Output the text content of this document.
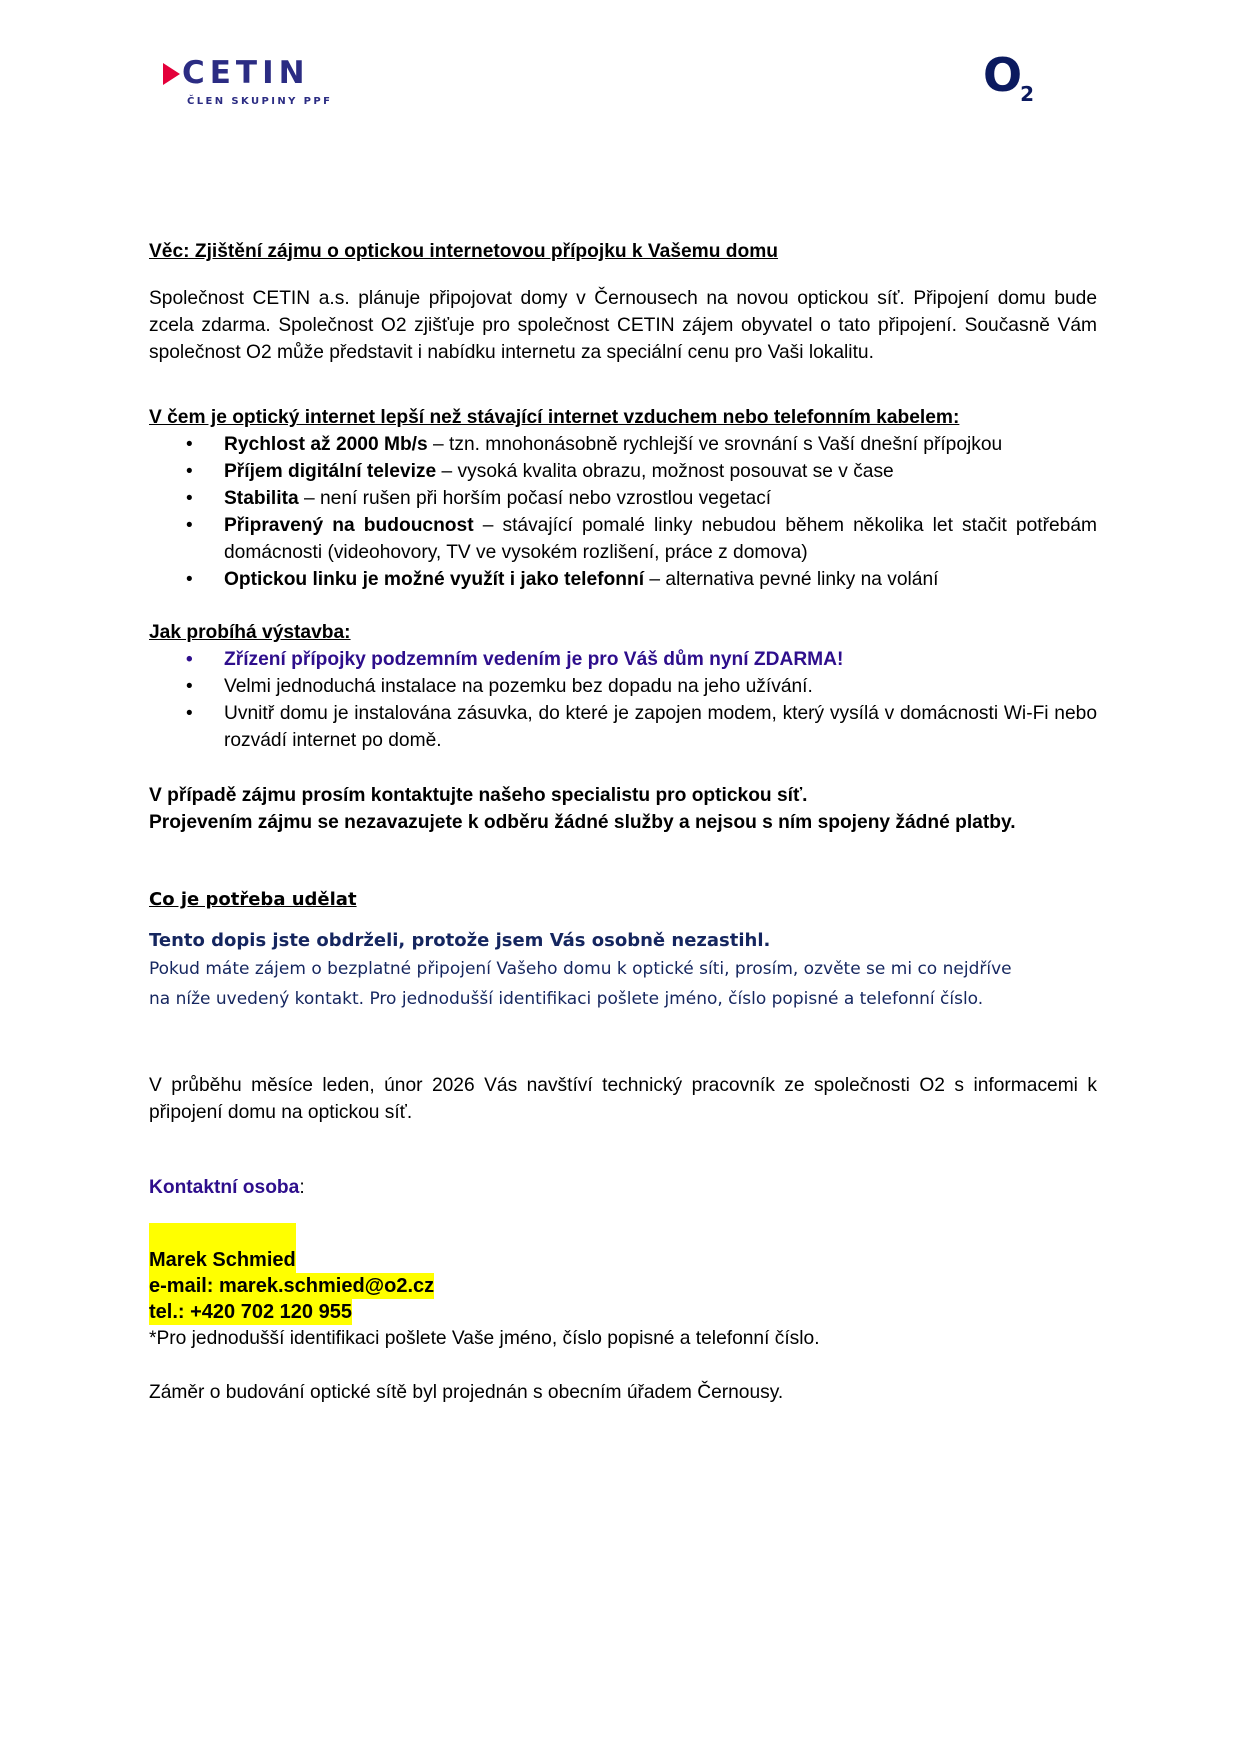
CETIN
ČLEN SKUPINY PPF	O2

Věc: Zjištění zájmu o optickou internetovou přípojku k Vašemu domu

Společnost CETIN a.s. plánuje připojovat domy v Černousech na novou optickou síť. Připojení domu bude zcela zdarma. Společnost O2 zjišťuje pro společnost CETIN zájem obyvatel o tato připojení. Současně Vám společnost O2 může představit i nabídku internetu za speciální cenu pro Vaši lokalitu.

V čem je optický internet lepší než stávající internet vzduchem nebo telefonním kabelem:

• Rychlost až 2000 Mb/s – tzn. mnohonásobně rychlejší ve srovnání s Vaší dnešní přípojkou
• Příjem digitální televize – vysoká kvalita obrazu, možnost posouvat se v čase
• Stabilita – není rušen při horším počasí nebo vzrostlou vegetací
• Připravený na budoucnost – stávající pomalé linky nebudou během několika let stačit potřebám domácnosti (videohovory, TV ve vysokém rozlišení, práce z domova)
• Optickou linku je možné využít i jako telefonní – alternativa pevné linky na volání

Jak probíhá výstavba:

• Zřízení přípojky podzemním vedením je pro Váš dům nyní ZDARMA!
• Velmi jednoduchá instalace na pozemku bez dopadu na jeho užívání.
• Uvnitř domu je instalována zásuvka, do které je zapojen modem, který vysílá v domácnosti Wi-Fi nebo rozvádí internet po domě.

V případě zájmu prosím kontaktujte našeho specialistu pro optickou síť.

Projevením zájmu se nezavazujete k odběru žádné služby a nejsou s ním spojeny žádné platby.

Co je potřeba udělat

Tento dopis jste obdrželi, protože jsem Vás osobně nezastihl.

Pokud máte zájem o bezplatné připojení Vašeho domu k optické síti, prosím, ozvěte se mi co nejdříve na níže uvedený kontakt. Pro jednodušší identifikaci pošlete jméno, číslo popisné a telefonní číslo.

V průběhu měsíce leden, únor 2026 Vás navštíví technický pracovník ze společnosti O2 s informacemi k připojení domu na optickou síť.

Kontaktní osoba:

Marek Schmied
e-mail: marek.schmied@o2.cz
tel.: +420 702 120 955

*Pro jednodušší identifikaci pošlete Vaše jméno, číslo popisné a telefonní číslo.

Záměr o budování optické sítě byl projednán s obecním úřadem Černousy.
